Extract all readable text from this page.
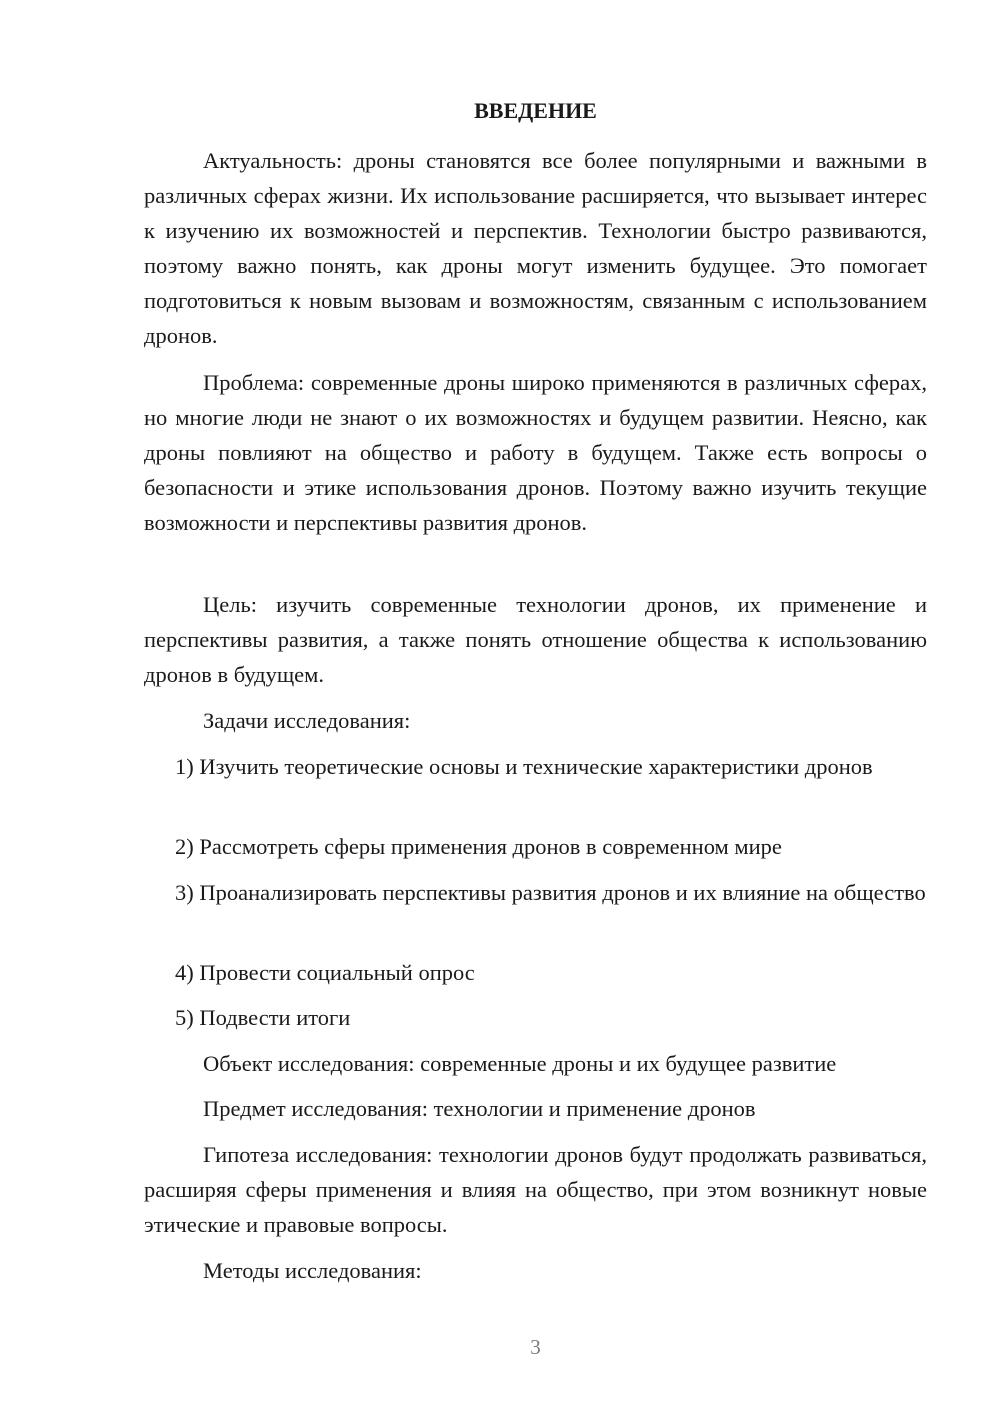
ВВЕДЕНИЕ

Актуальность: дроны становятся все более популярными и важными в различных сферах жизни. Их использование расширяется, что вызывает интерес к изучению их возможностей и перспектив. Технологии быстро развиваются, поэтому важно понять, как дроны могут изменить будущее. Это помогает подготовиться к новым вызовам и возможностям, связанным с использованием дронов.

Проблема: современные дроны широко применяются в различных сферах, но многие люди не знают о их возможностях и будущем развитии. Неясно, как дроны повлияют на общество и работу в будущем. Также есть вопросы о безопасности и этике использования дронов. Поэтому важно изучить текущие возможности и перспективы развития дронов.

Цель: изучить современные технологии дронов, их применение и перспективы развития, а также понять отношение общества к использованию дронов в будущем.

Задачи исследования:

1) Изучить теоретические основы и технические характеристики дронов

2) Рассмотреть сферы применения дронов в современном мире

3) Проанализировать перспективы развития дронов и их влияние на общество

4) Провести социальный опрос

5) Подвести итоги

Объект исследования: современные дроны и их будущее развитие

Предмет исследования: технологии и применение дронов

Гипотеза исследования: технологии дронов будут продолжать развиваться, расширяя сферы применения и влияя на общество, при этом возникнут новые этические и правовые вопросы.

Методы исследования:

3
